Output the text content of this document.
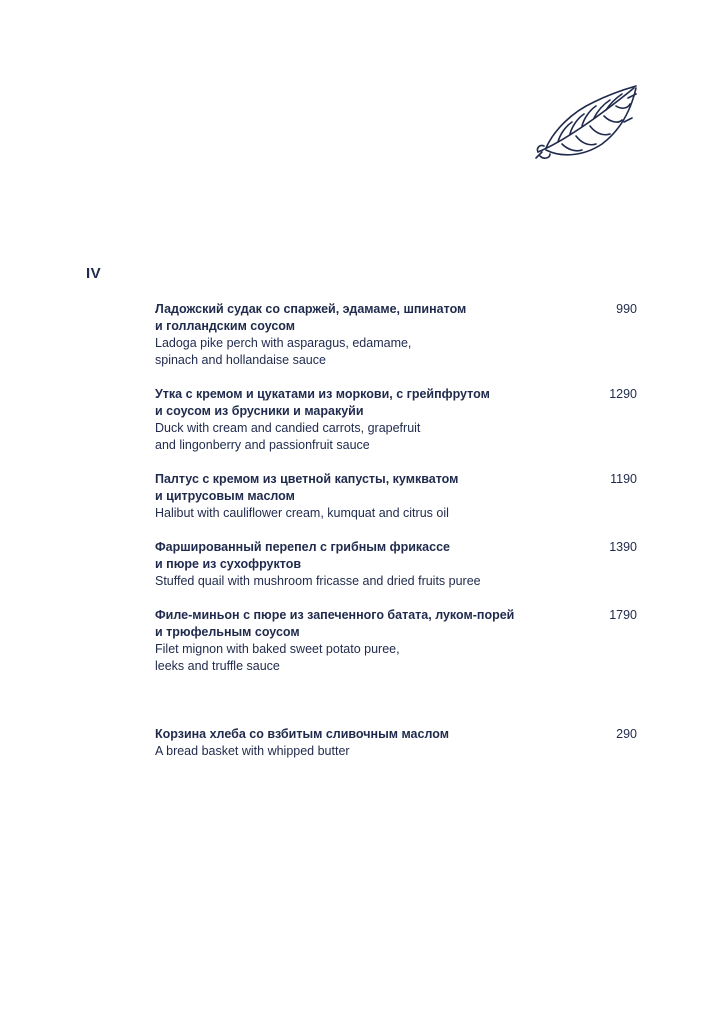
IV
Ладожский судак со спаржей, эдамаме, шпинатом
и голландским соусом
Ladoga pike perch with asparagus, edamame,
spinach and hollandaise sauce
990
Утка с кремом и цукатами из моркови, с грейпфрутом
и соусом из брусники и маракуйи
Duck with cream and candied carrots, grapefruit
and lingonberry and passionfruit sauce
1290
Палтус с кремом из цветной капусты, кумкватом
и цитрусовым маслом
Halibut with cauliflower cream, kumquat and citrus oil
1190
Фаршированный перепел с грибным фрикассе
и пюре из сухофруктов
Stuffed quail with mushroom fricasse and dried fruits puree
1390
Филе-миньон с пюре из запеченного батата, луком-порей
и трюфельным соусом
Filet mignon with baked sweet potato puree,
leeks and truffle sauce
1790
Корзина хлеба со взбитым сливочным маслом
A bread basket with whipped butter
290
